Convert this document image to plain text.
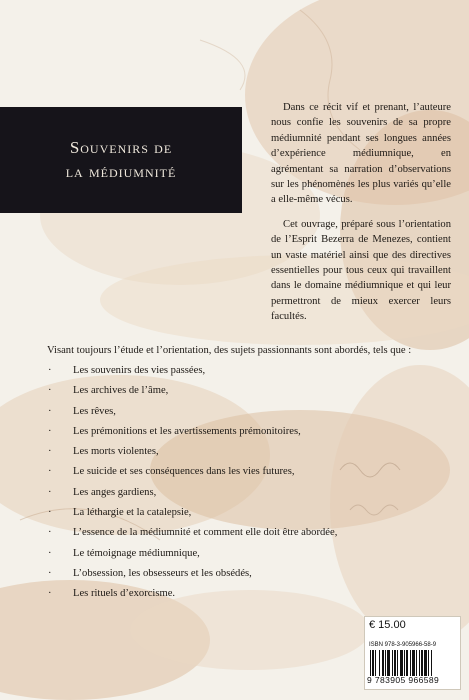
Souvenirs de
la médiumnité

Dans ce récit vif et prenant, l’auteure nous confie les souvenirs de sa propre médiumnité pendant ses longues années d’expérience médiumnique, en agrémentant sa narration d’observations sur les phénomènes les plus variés qu’elle a elle-même vécus.

Cet ouvrage, préparé sous l’orientation de l’Esprit Bezerra de Menezes, contient un vaste matériel ainsi que des directives essentielles pour tous ceux qui travaillent dans le domaine médiumnique et qui leur permettront de mieux exercer leurs facultés.

Visant toujours l’étude et l’orientation, des sujets passionnants sont abordés, tels que :
· Les souvenirs des vies passées,
· Les archives de l’âme,
· Les rêves,
· Les prémonitions et les avertissements prémonitoires,
· Les morts violentes,
· Le suicide et ses conséquences dans les vies futures,
· Les anges gardiens,
· La léthargie et la catalepsie,
· L’essence de la médiumnité et comment elle doit être abordée,
· Le témoignage médiumnique,
· L’obsession, les obsesseurs et les obsédés,
· Les rituels d’exorcisme.
€ 15.00
ISBN 978-3-905966-58-9
9 783905 966589
